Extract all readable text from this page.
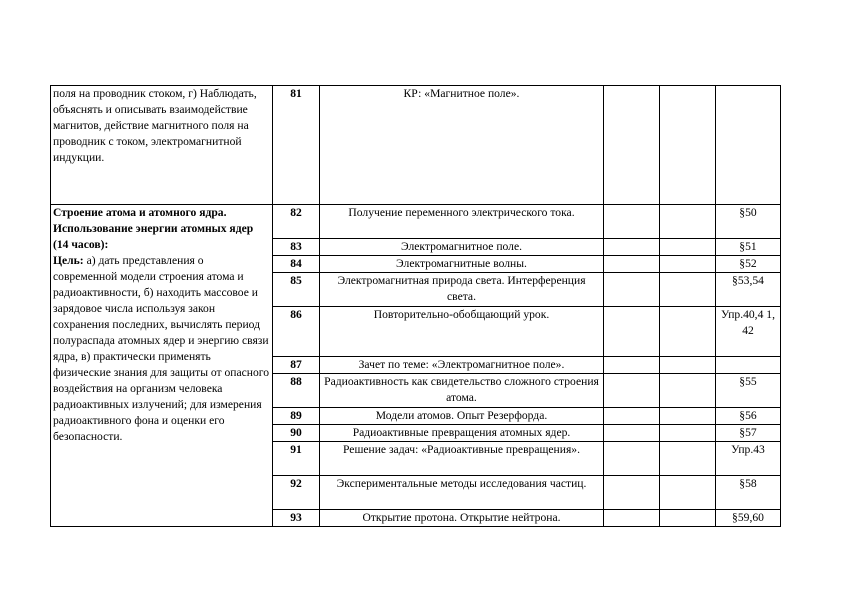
поля на проводник стоком, г) Наблюдать, объяснять и описывать взаимодействие магнитов, действие магнитного поля на проводник с током, электромагнитной индукции.	81	КР: «Магнитное поле».			
Строение атома и атомного ядра. Использование энергии атомных ядер (14 часов):
Цель: а) дать представления о современной модели строения атома и радиоактивности, б) находить массовое и зарядовое числа используя закон сохранения последних, вычислять период полураспада атомных ядер и энергию связи ядра, в) практически применять физические знания для защиты от опасного воздействия на организм человека радиоактивных излучений; для измерения радиоактивного фона и оценки его безопасности.	82	Получение переменного электрического тока.			§50
	83	Электромагнитное поле.			§51
	84	Электромагнитные волны.			§52
	85	Электромагнитная природа света. Интерференция света.			§53,54
	86	Повторительно-обобщающий урок.			Упр.40,4 1, 42
	87	Зачет по теме: «Электромагнитное поле».			
	88	Радиоактивность как свидетельство сложного строения атома.			§55
	89	Модели атомов. Опыт Резерфорда.			§56
	90	Радиоактивные превращения атомных ядер.			§57
	91	Решение задач: «Радиоактивные превращения».			Упр.43
	92	Экспериментальные методы исследования частиц.			§58
	93	Открытие протона. Открытие нейтрона.			§59,60
